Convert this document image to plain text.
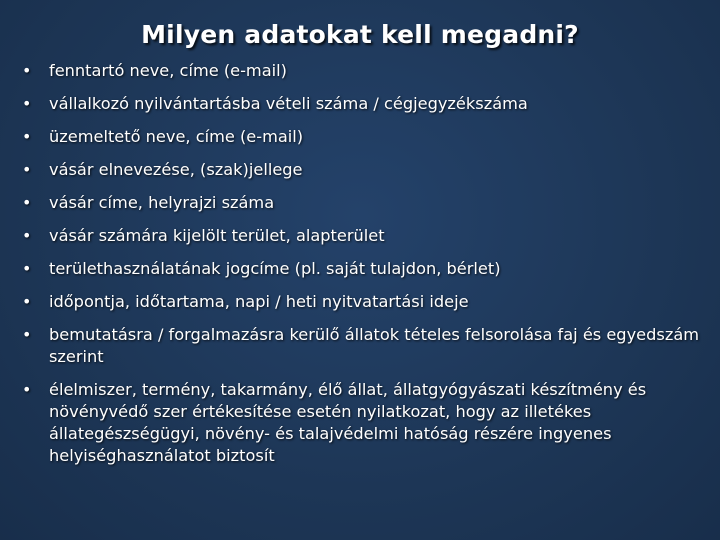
Milyen adatokat kell megadni?
• fenntartó neve, címe (e-mail)
• vállalkozó nyilvántartásba vételi száma / cégjegyzékszáma
• üzemeltető neve, címe (e-mail)
• vásár elnevezése, (szak)jellege
• vásár címe, helyrajzi száma
• vásár számára kijelölt terület, alapterület
• területhasználatának jogcíme (pl. saját tulajdon, bérlet)
• időpontja, időtartama, napi / heti nyitvatartási ideje
• bemutatásra / forgalmazásra kerülő állatok tételes felsorolása faj és egyedszám szerint
• élelmiszer, termény, takarmány, élő állat, állatgyógyászati készítmény és növényvédő szer értékesítése esetén nyilatkozat, hogy az illetékes állategészségügyi, növény- és talajvédelmi hatóság részére ingyenes helyiséghasználatot biztosít
